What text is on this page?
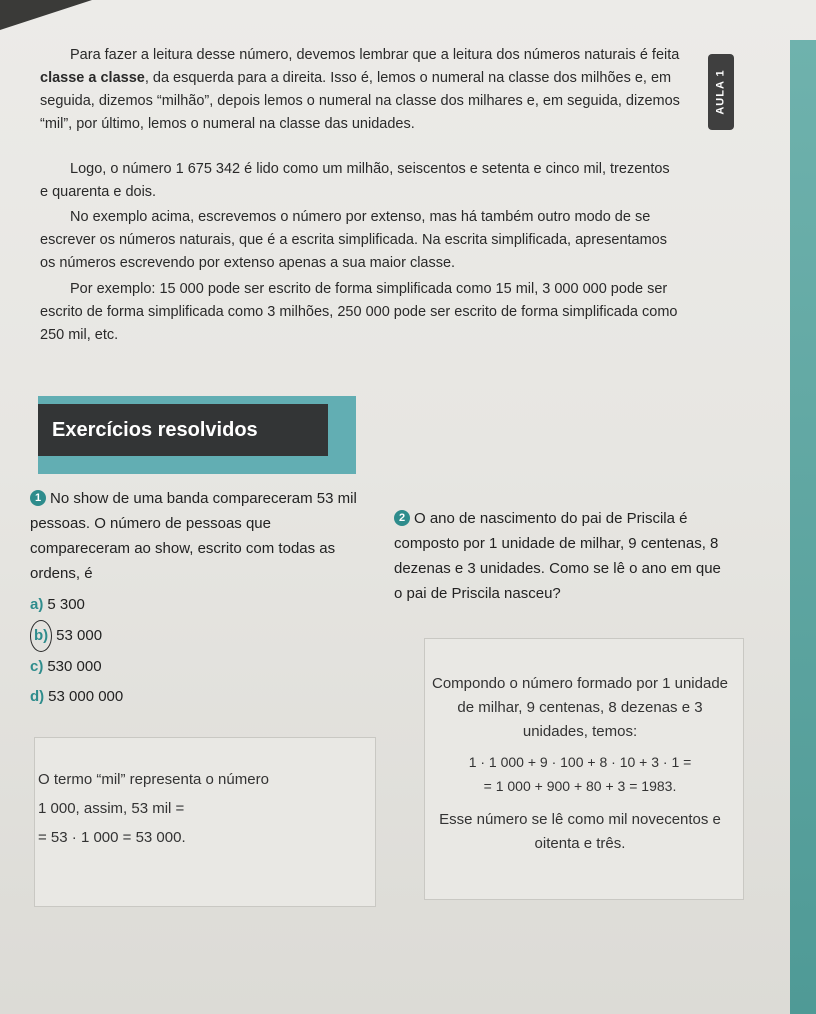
AULA 1

Para fazer a leitura desse número, devemos lembrar que a leitura dos números naturais é feita classe a classe, da esquerda para a direita. Isso é, lemos o numeral na classe dos milhões e, em seguida, dizemos “milhão”, depois lemos o numeral na classe dos milhares e, em seguida, dizemos “mil”, por último, lemos o numeral na classe das unidades.

Logo, o número 1 675 342 é lido como um milhão, seiscentos e setenta e cinco mil, trezentos e quarenta e dois.

No exemplo acima, escrevemos o número por extenso, mas há também outro modo de se escrever os números naturais, que é a escrita simplificada. Na escrita simplificada, apresentamos os números escrevendo por extenso apenas a sua maior classe.

Por exemplo: 15 000 pode ser escrito de forma simplificada como 15 mil, 3 000 000 pode ser escrito de forma simplificada como 3 milhões, 250 000 pode ser escrito de forma simplificada como 250 mil, etc.

Exercícios resolvidos
1 No show de uma banda compareceram 53 mil pessoas. O número de pessoas que compareceram ao show, escrito com todas as ordens, é

a) 5 300

b) 53 000

c) 530 000

d) 53 000 000

O termo “mil” representa o número
1 000, assim, 53 mil =
= 53 · 1 000 = 53 000.
2 O ano de nascimento do pai de Priscila é composto por 1 unidade de milhar, 9 centenas, 8 dezenas e 3 unidades. Como se lê o ano em que o pai de Priscila nasceu?
Compondo o número formado por 1 unidade de milhar, 9 centenas, 8 dezenas e 3 unidades, temos:
1 · 1 000 + 9 · 100 + 8 · 10 + 3 · 1 =
= 1 000 + 900 + 80 + 3 = 1983.
Esse número se lê como mil novecentos e oitenta e três.
